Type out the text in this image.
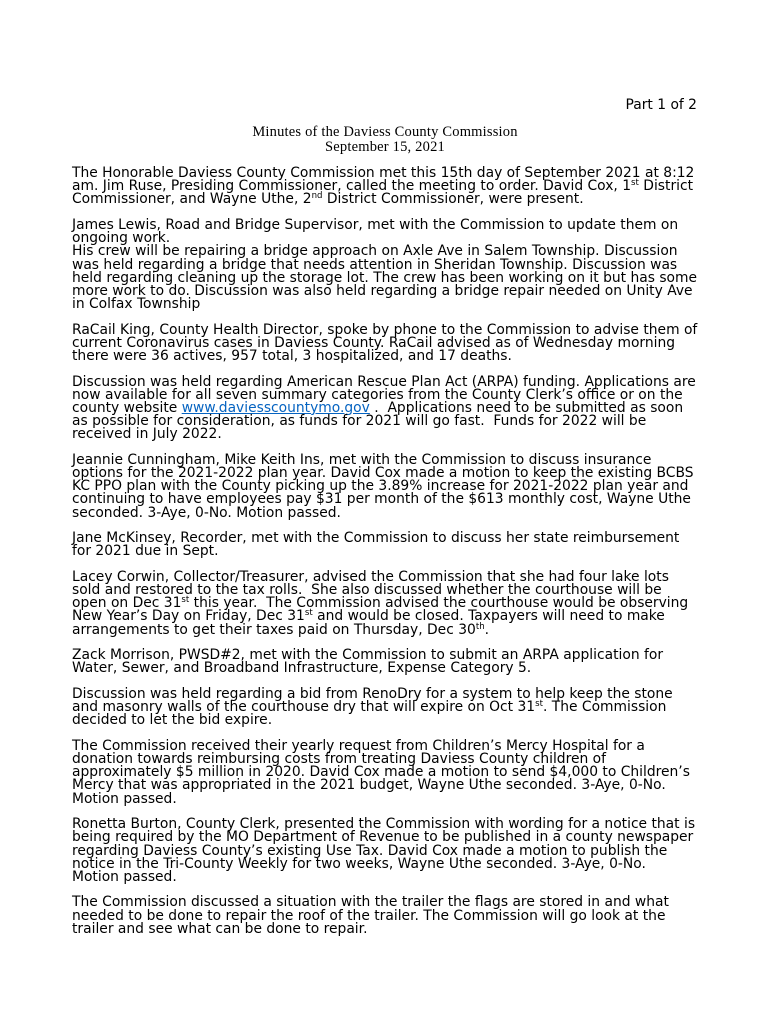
Part 1 of 2
Minutes of the Daviess County Commission
September 15, 2021
The Honorable Daviess County Commission met this 15th day of September 2021 at 8:12
am. Jim Ruse, Presiding Commissioner, called the meeting to order. David Cox, 1st District
Commissioner, and Wayne Uthe, 2nd District Commissioner, were present.
James Lewis, Road and Bridge Supervisor, met with the Commission to update them on
ongoing work.
His crew will be repairing a bridge approach on Axle Ave in Salem Township. Discussion
was held regarding a bridge that needs attention in Sheridan Township. Discussion was
held regarding cleaning up the storage lot. The crew has been working on it but has some
more work to do. Discussion was also held regarding a bridge repair needed on Unity Ave
in Colfax Township
RaCail King, County Health Director, spoke by phone to the Commission to advise them of
current Coronavirus cases in Daviess County. RaCail advised as of Wednesday morning
there were 36 actives, 957 total, 3 hospitalized, and 17 deaths.
Discussion was held regarding American Rescue Plan Act (ARPA) funding. Applications are
now available for all seven summary categories from the County Clerk’s office or on the
county website www.daviesscountymo.gov .  Applications need to be submitted as soon
as possible for consideration, as funds for 2021 will go fast.  Funds for 2022 will be
received in July 2022.
Jeannie Cunningham, Mike Keith Ins, met with the Commission to discuss insurance
options for the 2021-2022 plan year. David Cox made a motion to keep the existing BCBS
KC PPO plan with the County picking up the 3.89% increase for 2021-2022 plan year and
continuing to have employees pay $31 per month of the $613 monthly cost, Wayne Uthe
seconded. 3-Aye, 0-No. Motion passed.
Jane McKinsey, Recorder, met with the Commission to discuss her state reimbursement
for 2021 due in Sept.
Lacey Corwin, Collector/Treasurer, advised the Commission that she had four lake lots
sold and restored to the tax rolls.  She also discussed whether the courthouse will be
open on Dec 31st this year.  The Commission advised the courthouse would be observing
New Year’s Day on Friday, Dec 31st and would be closed. Taxpayers will need to make
arrangements to get their taxes paid on Thursday, Dec 30th.
Zack Morrison, PWSD#2, met with the Commission to submit an ARPA application for
Water, Sewer, and Broadband Infrastructure, Expense Category 5.
Discussion was held regarding a bid from RenoDry for a system to help keep the stone
and masonry walls of the courthouse dry that will expire on Oct 31st. The Commission
decided to let the bid expire.
The Commission received their yearly request from Children’s Mercy Hospital for a
donation towards reimbursing costs from treating Daviess County children of
approximately $5 million in 2020. David Cox made a motion to send $4,000 to Children’s
Mercy that was appropriated in the 2021 budget, Wayne Uthe seconded. 3-Aye, 0-No.
Motion passed.
Ronetta Burton, County Clerk, presented the Commission with wording for a notice that is
being required by the MO Department of Revenue to be published in a county newspaper
regarding Daviess County’s existing Use Tax. David Cox made a motion to publish the
notice in the Tri-County Weekly for two weeks, Wayne Uthe seconded. 3-Aye, 0-No.
Motion passed.
The Commission discussed a situation with the trailer the flags are stored in and what
needed to be done to repair the roof of the trailer. The Commission will go look at the
trailer and see what can be done to repair.
